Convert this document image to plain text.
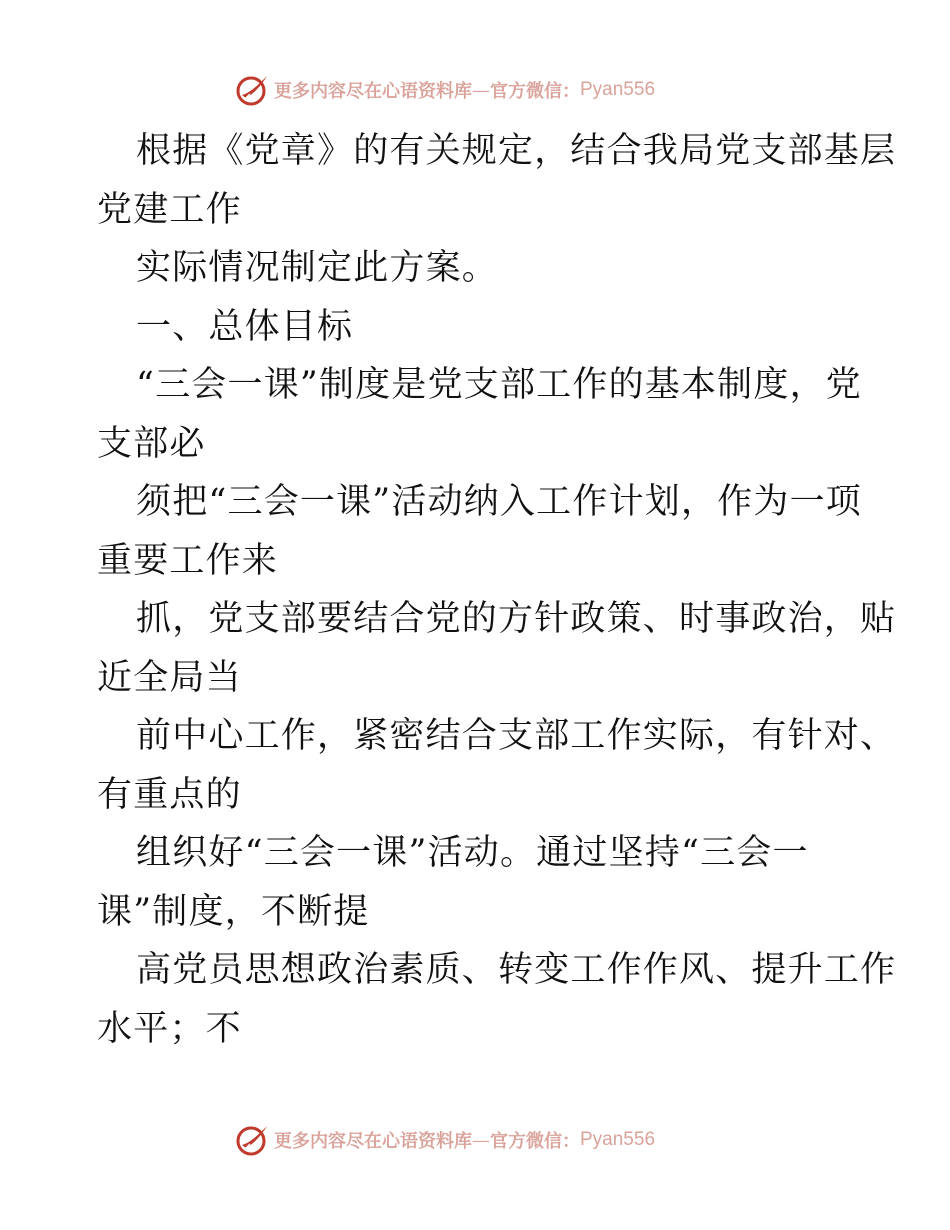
更多内容尽在心语资料库 — 官方微信： Pyan556
根据《党章》的有关规定，结合我局党支部基层
党建工作
实际情况制定此方案。
一、总体目标
“三会一课”制度是党支部工作的基本制度，党
支部必
须把“三会一课”活动纳入工作计划，作为一项
重要工作来
抓，党支部要结合党的方针政策、时事政治，贴
近全局当
前中心工作，紧密结合支部工作实际，有针对、
有重点的
组织好“三会一课”活动。通过坚持“三会一
课”制度，不断提
高党员思想政治素质、转变工作作风、提升工作
水平；不
更多内容尽在心语资料库 — 官方微信： Pyan556
